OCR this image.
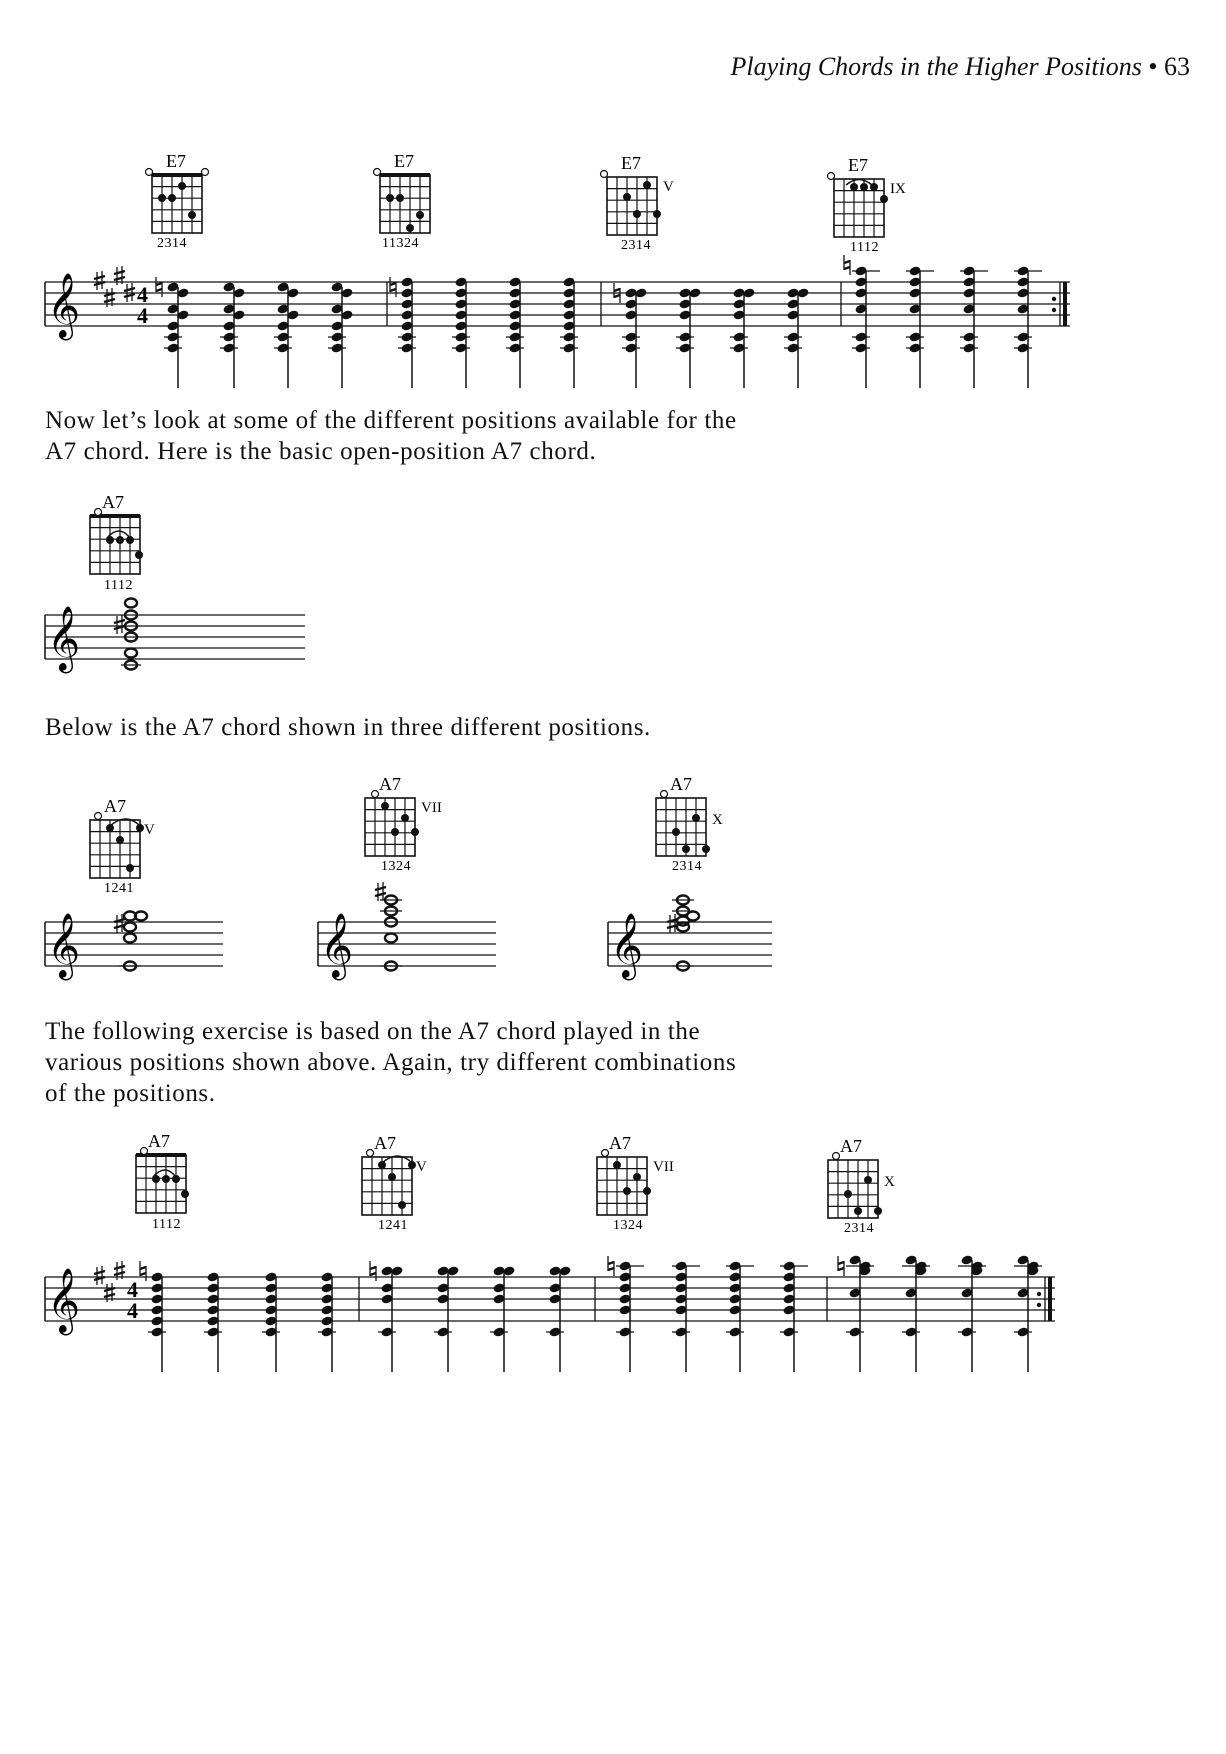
Playing Chords in the Higher Positions • 63
Now let’s look at some of the different positions available for the
A7 chord. Here is the basic open-position A7 chord.
Below is the A7 chord shown in three different positions.
The following exercise is based on the A7 chord played in the
various positions shown above. Again, try different combinations
of the positions.
E7
2314
E7
11324
E7
V
2314
E7
IX
1112
𝄞	4
4
A7
1112
𝄞
A7
V
1241
A7
VII
1324
A7
X
2314
𝄞	𝄞	𝄞
A7
1112
A7
V
1241
A7
VII
1324
A7
X
2314
𝄞 4
4
